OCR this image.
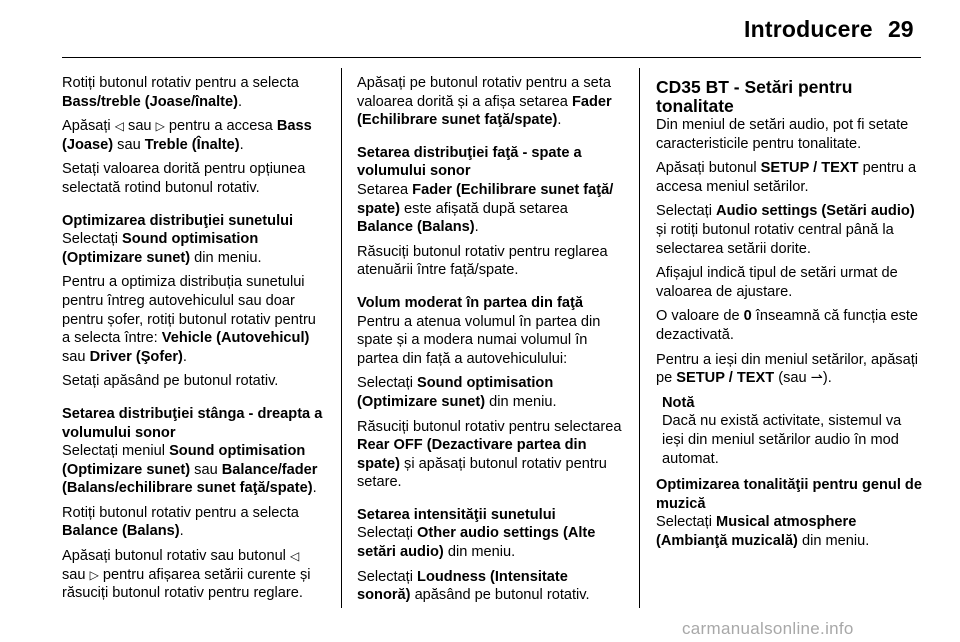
Introducere 29

Rotiți butonul rotativ pentru a selecta Bass/treble (Joase/înalte).

Apăsați ◁ sau ▷ pentru a accesa Bass (Joase) sau Treble (Înalte).

Setați valoarea dorită pentru opțiunea selectată rotind butonul rotativ.

Optimizarea distribuţiei sunetului

Selectați Sound optimisation (Optimizare sunet) din meniu.

Pentru a optimiza distribuția sunetului pentru întreg autovehiculul sau doar pentru șofer, rotiți butonul rotativ pentru a selecta între: Vehicle (Autovehicul) sau Driver (Şofer).

Setați apăsând pe butonul rotativ.

Setarea distribuţiei stânga - dreapta a volumului sonor

Selectați meniul Sound optimisation (Optimizare sunet) sau Balance/fader (Balans/echilibrare sunet faţă/spate).

Rotiți butonul rotativ pentru a selecta Balance (Balans).

Apăsați butonul rotativ sau butonul ◁ sau ▷ pentru afișarea setării curente și răsuciți butonul rotativ pentru reglare.

Apăsați pe butonul rotativ pentru a seta valoarea dorită și a afișa setarea Fader (Echilibrare sunet faţă/spate).

Setarea distribuţiei faţă - spate a volumului sonor

Setarea Fader (Echilibrare sunet faţă/ spate) este afișată după setarea Balance (Balans).

Răsuciți butonul rotativ pentru reglarea atenuării între față/spate.

Volum moderat în partea din faţă

Pentru a atenua volumul în partea din spate și a modera numai volumul în partea din față a autovehiculului:

Selectați Sound optimisation (Optimizare sunet) din meniu.

Răsuciți butonul rotativ pentru selectarea Rear OFF (Dezactivare partea din spate) și apăsați butonul rotativ pentru setare.

Setarea intensităţii sunetului

Selectați Other audio settings (Alte setări audio) din meniu.

Selectați Loudness (Intensitate sonoră) apăsând pe butonul rotativ.

CD35 BT - Setări pentru tonalitate

Din meniul de setări audio, pot fi setate caracteristicile pentru tonalitate.

Apăsați butonul SETUP / TEXT pentru a accesa meniul setărilor.

Selectați Audio settings (Setări audio) și rotiți butonul rotativ central până la selectarea setării dorite.

Afișajul indică tipul de setări urmat de valoarea de ajustare.

O valoare de 0 înseamnă că funcția este dezactivată.

Pentru a ieși din meniul setărilor, apăsați pe SETUP / TEXT (sau ⇀).

Notă

Dacă nu există activitate, sistemul va ieși din meniul setărilor audio în mod automat.

Optimizarea tonalităţii pentru genul de muzică

Selectați Musical atmosphere (Ambianţă muzicală) din meniu.

carmanualsonline.info
